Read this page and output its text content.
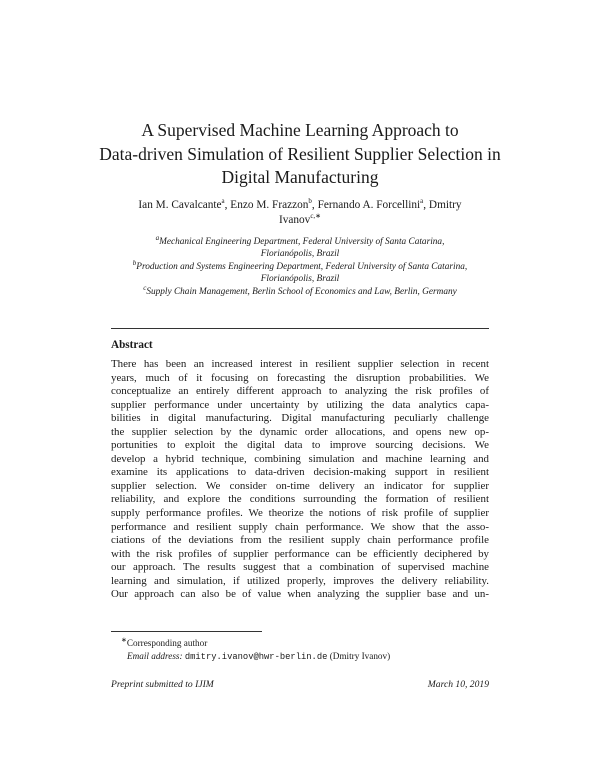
A Supervised Machine Learning Approach to
Data-driven Simulation of Resilient Supplier Selection in
Digital Manufacturing
Ian M. Cavalcante$^a$, Enzo M. Frazzon$^b$, Fernando A. Forcellini$^a$, Dmitry
Ivanov$^{c,∗}$
$^a$Mechanical Engineering Department, Federal University of Santa Catarina,
Florianópolis, Brazil
$^b$Production and Systems Engineering Department, Federal University of Santa Catarina,
Florianópolis, Brazil
$^c$Supply Chain Management, Berlin School of Economics and Law, Berlin, Germany
Abstract
There has been an increased interest in resilient supplier selection in recent
years, much of it focusing on forecasting the disruption probabilities. We
conceptualize an entirely different approach to analyzing the risk profiles of
supplier performance under uncertainty by utilizing the data analytics capa-
bilities in digital manufacturing. Digital manufacturing peculiarly challenge
the supplier selection by the dynamic order allocations, and opens new op-
portunities to exploit the digital data to improve sourcing decisions. We
develop a hybrid technique, combining simulation and machine learning and
examine its applications to data-driven decision-making support in resilient
supplier selection. We consider on-time delivery an indicator for supplier
reliability, and explore the conditions surrounding the formation of resilient
supply performance profiles. We theorize the notions of risk profile of supplier
performance and resilient supply chain performance. We show that the asso-
ciations of the deviations from the resilient supply chain performance profile
with the risk profiles of supplier performance can be efficiently deciphered by
our approach. The results suggest that a combination of supervised machine
learning and simulation, if utilized properly, improves the delivery reliability.
Our approach can also be of value when analyzing the supplier base and un-
∗Corresponding author
Email address: dmitry.ivanov@hwr-berlin.de (Dmitry Ivanov)
Preprint submitted to IJIM	March 10, 2019
